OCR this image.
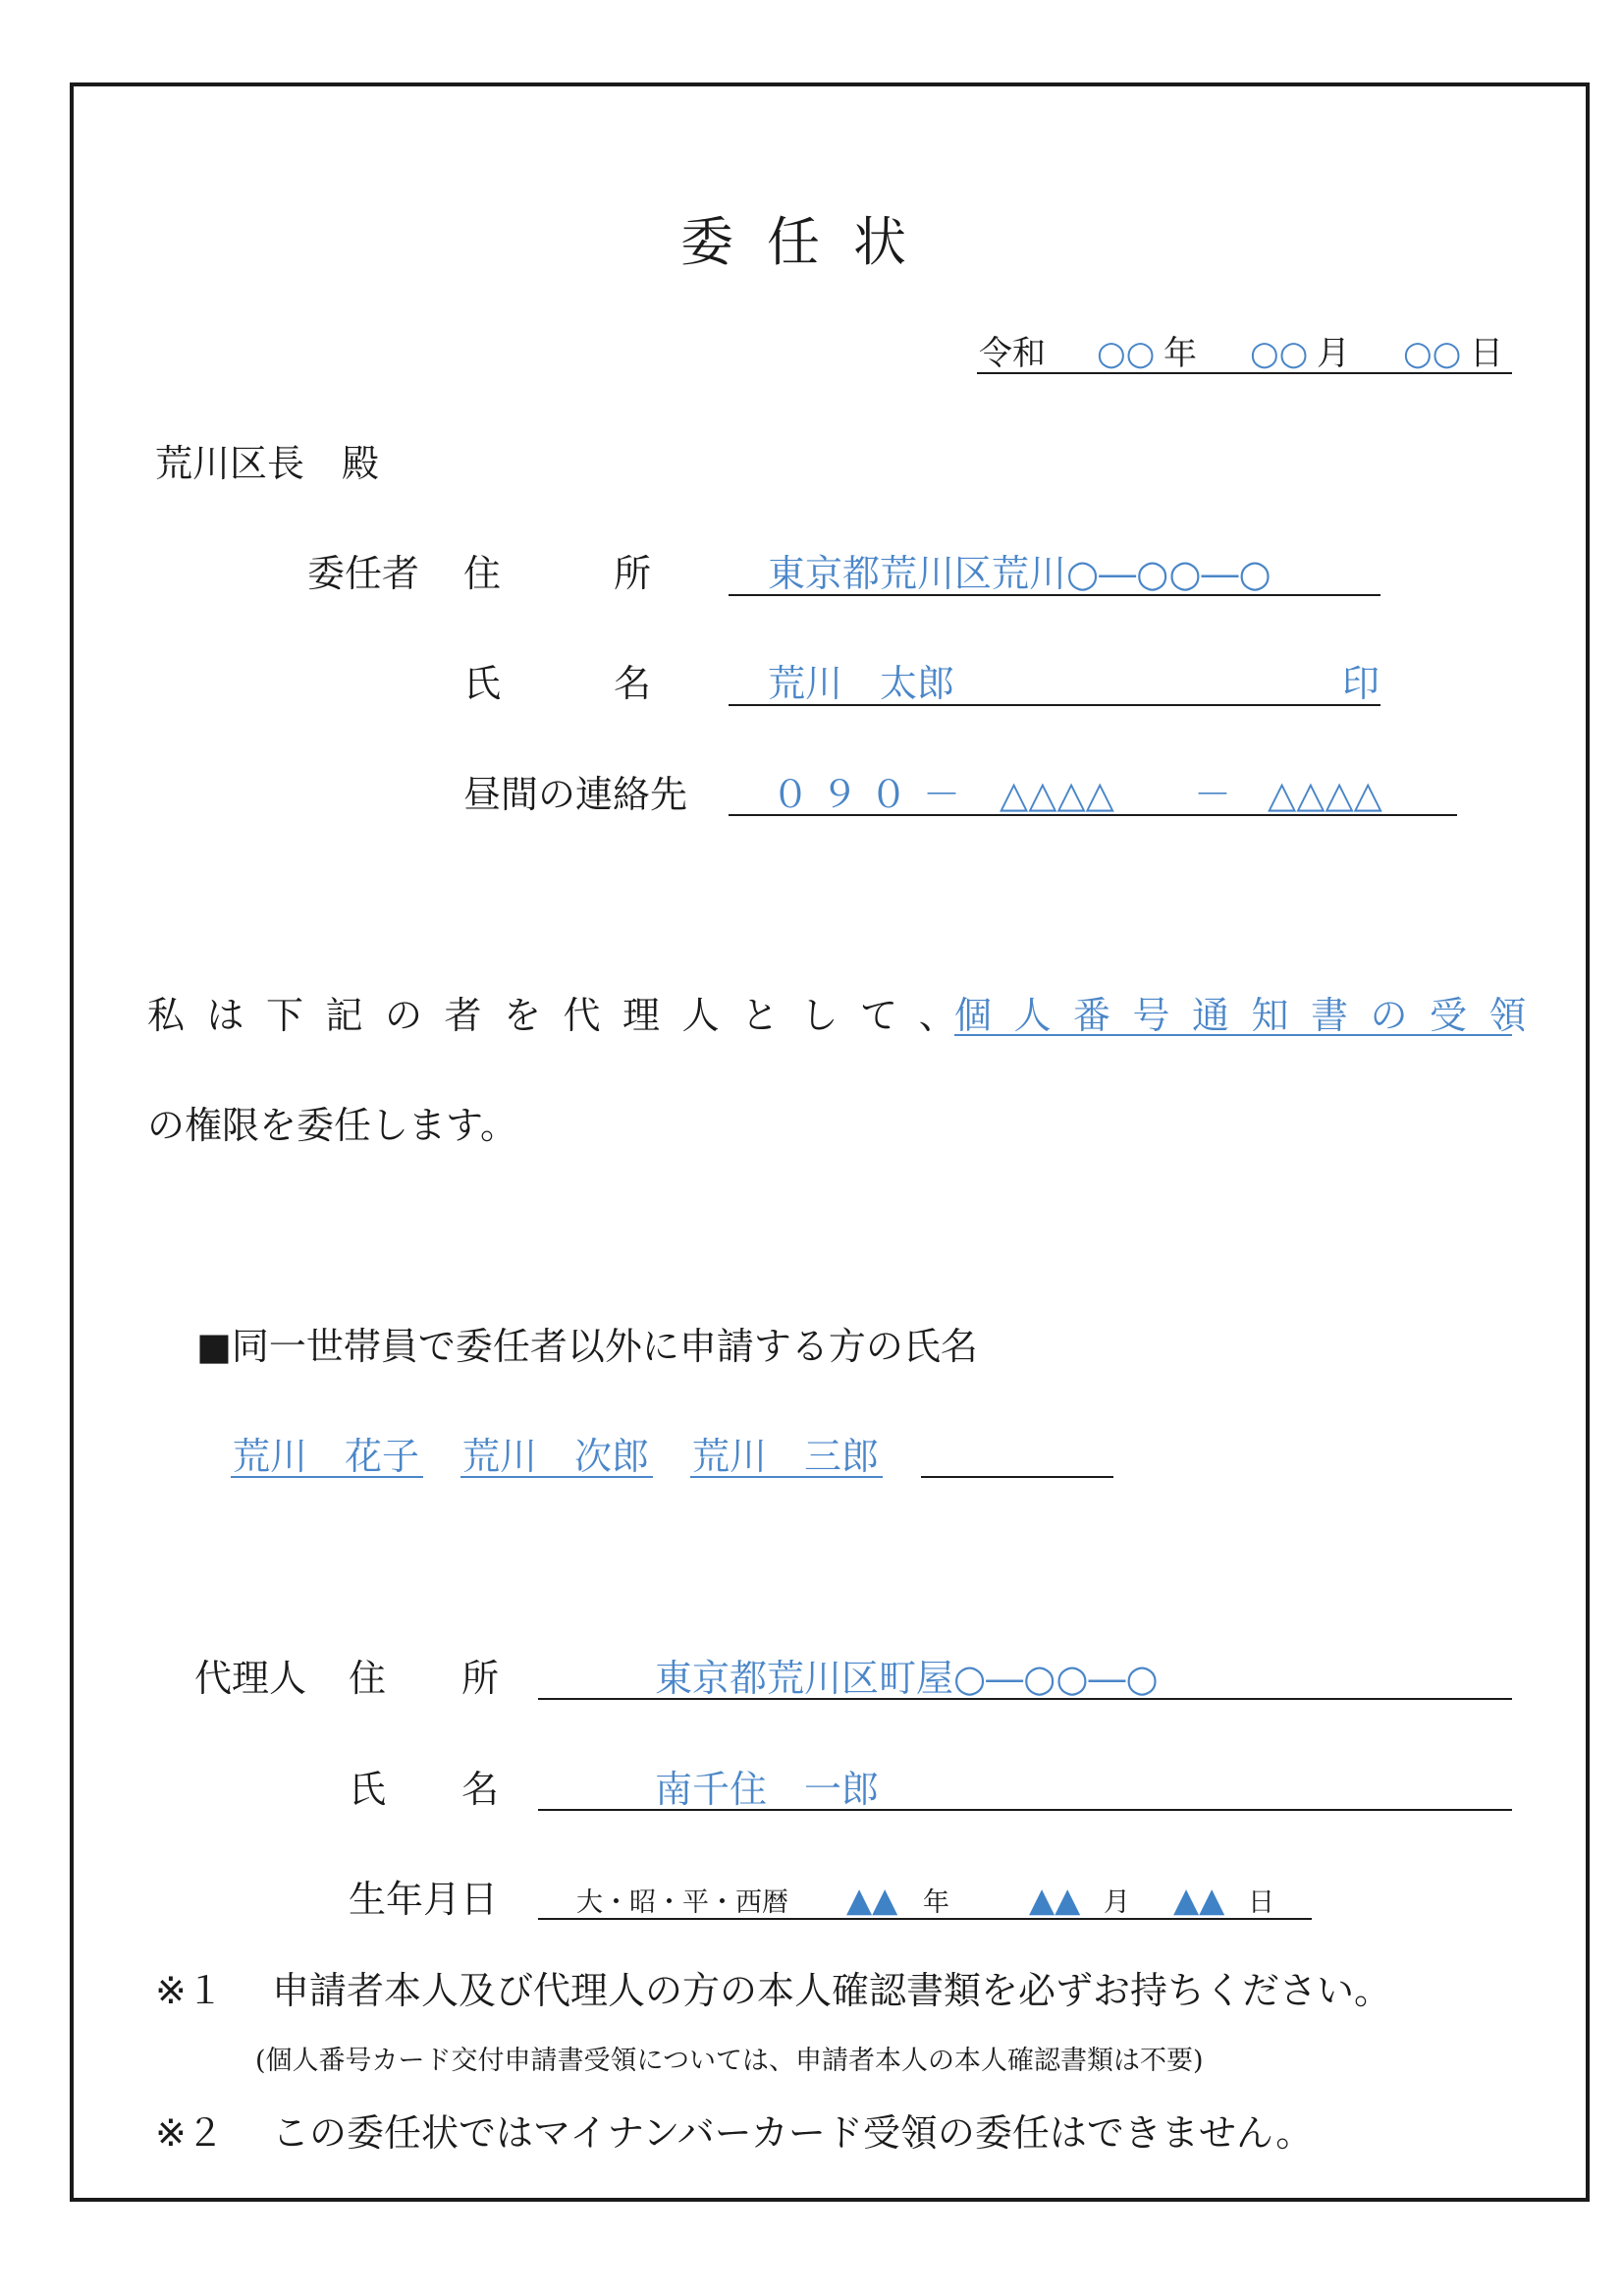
委任状
令和 ○○ 年 ○○ 月 ○○ 日
荒川区長　殿
委任者 住	所	東京都荒川区荒川○―○○―○
氏	名	荒川　太郎	印
昼間の連絡先 ０９０ － △△△△ － △△△△
私は下記の者を代理人として、
個人番号通知書の受領
の権限を委任します。
■同一世帯員で委任者以外に申請する方の氏名
荒川　花子 荒川　次郎 荒川　三郎
代理人 住 所	東京都荒川区町屋○―○○―○
氏 名	南千住　一郎
生年月日	大・昭・平・西暦 ▲▲ 年 ▲▲ 月 ▲▲ 日
※１ 申請者本人及び代理人の方の本人確認書類を必ずお持ちください。
(個人番号カード交付申請書受領については、申請者本人の本人確認書類は不要)
※２ この委任状ではマイナンバーカード受領の委任はできません。
